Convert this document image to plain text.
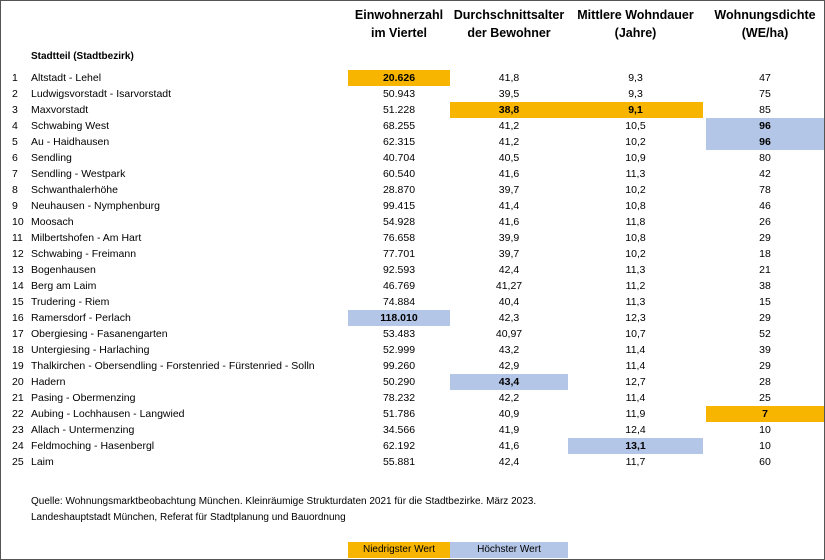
Einwohnerzahl
im Viertel
Durchschnittsalter
der Bewohner
Mittlere Wohndauer
(Jahre)
Wohnungsdichte
(WE/ha)
Stadtteil (Stadtbezirk)
1	Altstadt - Lehel	20.626	41,8	9,3	47
2	Ludwigsvorstadt - Isarvorstadt	50.943	39,5	9,3	75
3	Maxvorstadt	51.228	38,8	9,1	85
4	Schwabing West	68.255	41,2	10,5	96
5	Au - Haidhausen	62.315	41,2	10,2	96
6	Sendling	40.704	40,5	10,9	80
7	Sendling - Westpark	60.540	41,6	11,3	42
8	Schwanthalerhöhe	28.870	39,7	10,2	78
9	Neuhausen - Nymphenburg	99.415	41,4	10,8	46
10 Moosach	54.928	41,6	11,8	26
11 Milbertshofen - Am Hart	76.658	39,9	10,8	29
12 Schwabing - Freimann	77.701	39,7	10,2	18
13 Bogenhausen	92.593	42,4	11,3	21
14 Berg am Laim	46.769	41,27	11,2	38
15 Trudering - Riem	74.884	40,4	11,3	15
16 Ramersdorf - Perlach	118.010	42,3	12,3	29
17 Obergiesing - Fasanengarten	53.483	40,97	10,7	52
18 Untergiesing - Harlaching	52.999	43,2	11,4	39
19 Thalkirchen - Obersendling - Forstenried - Fürstenried - Solln	99.260	42,9	11,4	29
20 Hadern	50.290	43,4	12,7	28
21 Pasing - Obermenzing	78.232	42,2	11,4	25
22 Aubing - Lochhausen - Langwied	51.786	40,9	11,9	7
23 Allach - Untermenzing	34.566	41,9	12,4	10
24 Feldmoching - Hasenbergl	62.192	41,6	13,1	10
25 Laim	55.881	42,4	11,7	60
Quelle: Wohnungsmarktbeobachtung München. Kleinräumige Strukturdaten 2021 für die Stadtbezirke. März 2023. Landeshauptstadt München, Referat für Stadtplanung und Bauordnung
Niedrigster Wert	Höchster Wert
